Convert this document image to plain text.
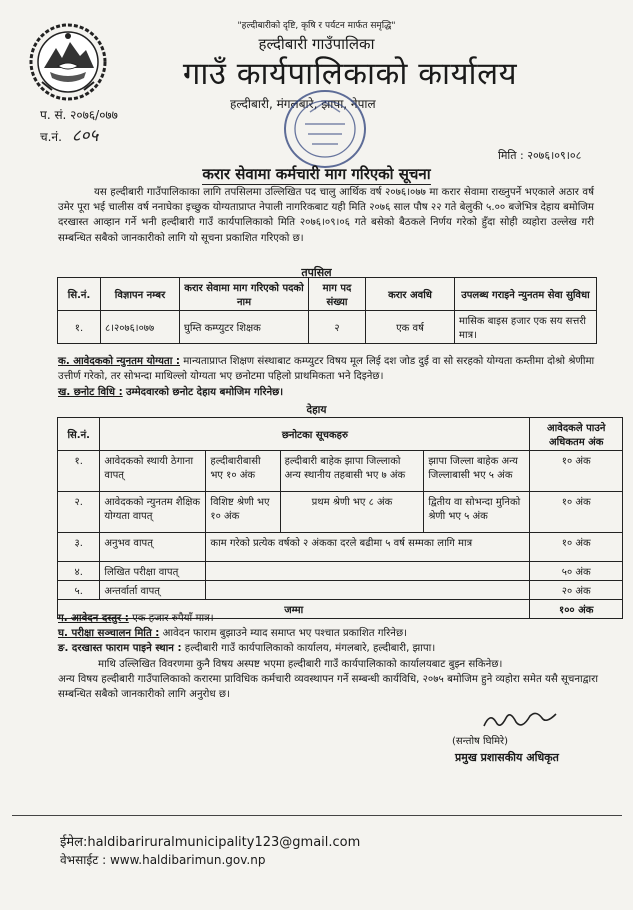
"हल्दीबारीको दृष्टि, कृषि र पर्यटन मार्फत समृद्धि"
हल्दीबारी गाउँपालिका
गाउँ कार्यपालिकाको कार्यालय
हल्दीबारी, मंगलबारे, झापा, नेपाल
प. सं. २०७६/०७७
च.नं. ८०५
मिति : २०७६।०९।०८
करार सेवामा कर्मचारी माग गरिएको सूचना

यस हल्दीबारी गाउँपालिकाका लागि तपसिलमा उल्लिखित पद चालु आर्थिक वर्ष २०७६।०७७ मा करार सेवामा राख्नुपर्ने भएकाले अठार वर्ष उमेर पूरा भई चालीस वर्ष ननाघेका इच्छुक योग्यताप्राप्त नेपाली नागरिकबाट यही मिति २०७६ साल पौष २२ गते बेलुकी ५.०० बजेभित्र देहाय बमोजिम दरखास्त आव्हान गर्ने भनी हल्दीबारी गाउँ कार्यपालिकाको मिति २०७६।०९।०६ गते बसेको बैठकले निर्णय गरेको हुँदा सोही व्यहोरा उल्लेख गरी सम्बन्धित सबैको जानकारीको लागि यो सूचना प्रकाशित गरिएको छ।

तपसिल
सि.नं.	विज्ञापन नम्बर	करार सेवामा माग गरिएको पदको नाम	माग पद संख्या	करार अवधि	उपलब्ध गराइने न्युनतम सेवा सुविधा
१.	८।२०७६।०७७	घुम्ति कम्प्युटर शिक्षक	२	एक वर्ष	मासिक बाइस हजार एक सय सत्तरी मात्र।
क. आवेदकको न्युनतम योग्यता : मान्यताप्राप्त शिक्षण संस्थाबाट कम्प्युटर विषय मूल लिई दश जोड दुई वा सो सरहको योग्यता कम्तीमा दोश्रो श्रेणीमा उत्तीर्ण गरेको, तर सोभन्दा माथिल्लो योग्यता भए छनोटमा पहिलो प्राथमिकता भने दिइनेछ।
ख. छनोट विधि : उम्मेदवारको छनोट देहाय बमोजिम गरिनेछ।
देहाय
सि.नं.	छनोटका सूचकहरु				आवेदकले पाउने अधिकतम अंक
१.	आवेदकको स्थायी ठेगाना वापत्	हल्दीबारीबासी भए १० अंक	हल्दीबारी बाहेक झापा जिल्लाको अन्य स्थानीय तहबासी भए ७ अंक	झापा जिल्ला बाहेक अन्य जिल्लाबासी भए ५ अंक	१० अंक
२.	आवेदकको न्युनतम शैक्षिक योग्यता वापत्	विशिष्ट श्रेणी भए १० अंक	प्रथम श्रेणी भए ८ अंक	द्वितीय वा सोभन्दा मुनिको श्रेणी भए ५ अंक	१० अंक
३.	अनुभव वापत्	काम गरेको प्रत्येक वर्षको २ अंकका दरले बढीमा ५ वर्ष सम्मका लागि मात्र			१० अंक
४.	लिखित परीक्षा वापत्				५० अंक
५.	अन्तर्वार्ता वापत्				२० अंक
जम्मा					१०० अंक
ग. आवेदन दस्तुर : एक हजार रुपैयाँ मात्र।
घ. परीक्षा सञ्चालन मिति : आवेदन फाराम बुझाउने म्याद समाप्त भए पश्चात प्रकाशित गरिनेछ।
ङ. दरखास्त फाराम पाइने स्थान : हल्दीबारी गाउँ कार्यपालिकाको कार्यालय, मंगलबारे, हल्दीबारी, झापा।

माथि उल्लिखित विवरणमा कुनै विषय अस्पष्ट भएमा हल्दीबारी गाउँ कार्यपालिकाको कार्यालयबाट बुझ्न सकिनेछ।
अन्य विषय हल्दीबारी गाउँपालिकाको करारमा प्राविधिक कर्मचारी व्यवस्थापन गर्ने सम्बन्धी कार्यविधि, २०७५ बमोजिम हुने व्यहोरा समेत यसै सूचनाद्वारा सम्बन्धित सबैको जानकारीको लागि अनुरोध छ।

(सन्तोष घिमिरे)
प्रमुख प्रशासकीय अधिकृत
ईमेल:haldibariruralmunicipality123@gmail.com
वेभसाईट : www.haldibarimun.gov.np
